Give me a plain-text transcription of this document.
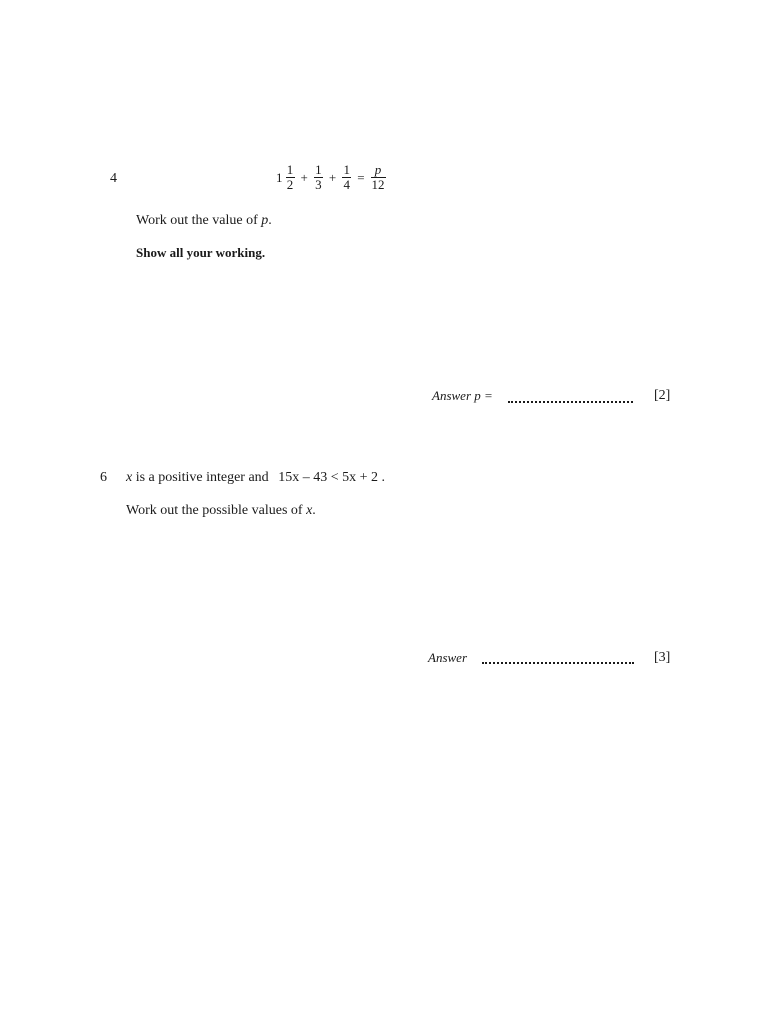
4	$1 \frac{1}{2} + \frac{1}{3} + \frac{1}{4} = \frac{p}{12}$
Work out the value of p.
Show all your working.
Answer p =	[2]
6 x is a positive integer and 15x – 43 < 5x + 2 .
Work out the possible values of x.
Answer	[3]
